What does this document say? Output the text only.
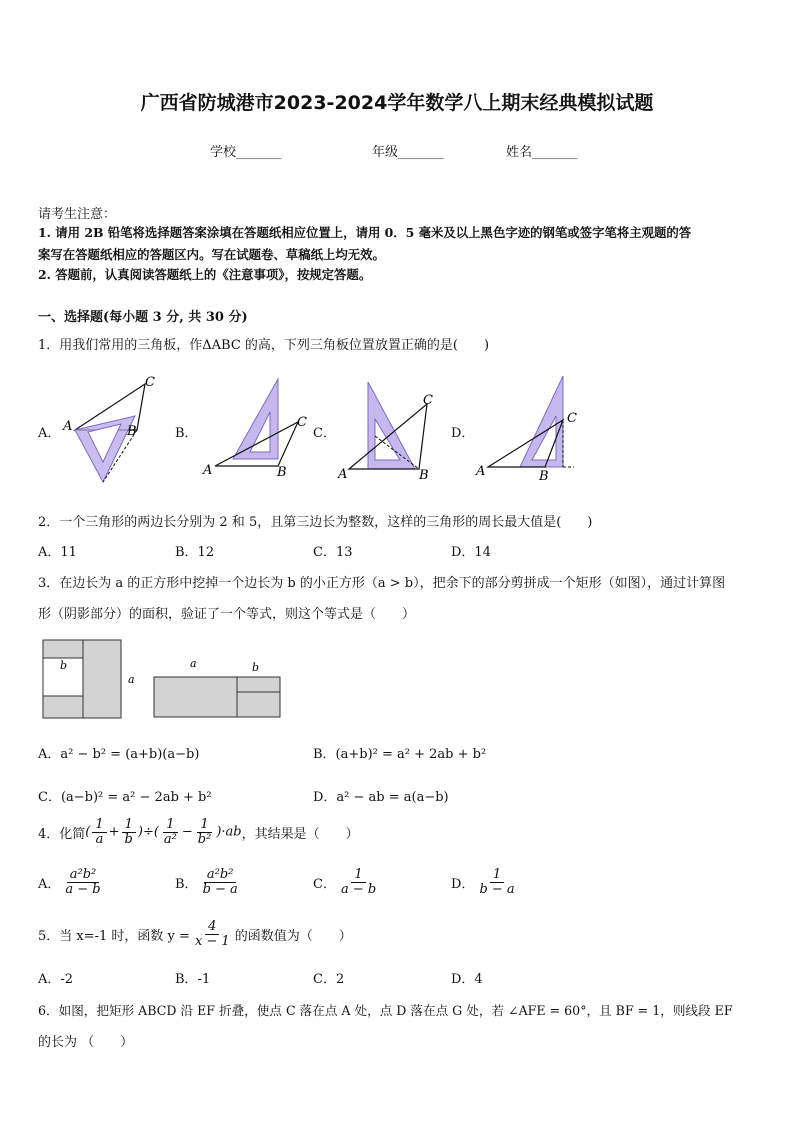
广西省防城港市2023-2024学年数学八上期末经典模拟试题
学校_______	年级_______	姓名_______
请考生注意：
1. 请用 2B 铅笔将选择题答案涂填在答题纸相应位置上，请用 0．5 毫米及以上黑色字迹的钢笔或签字笔将主观题的答
案写在答题纸相应的答题区内。写在试题卷、草稿纸上均无效。
2. 答题前，认真阅读答题纸上的《注意事项》，按规定答题。
一、选择题(每小题 3 分, 共 30 分)
1．用我们常用的三角板，作ΔABC 的高，下列三角板位置放置正确的是(　　)
A．	B．	C．	D．
A
C
B
A
C
B	A
C
B	A
C
B
2．一个三角形的两边长分别为 2 和 5，且第三边长为整数，这样的三角形的周长最大值是(　　)
A．11	B．12	C．13	D．14
3．在边长为 a 的正方形中挖掉一个边长为 b 的小正方形（a > b），把余下的部分剪拼成一个矩形（如图），通过计算图
形（阴影部分）的面积，验证了一个等式，则这个等式是（　　）
b
a
a	b
A．a² − b² = (a+b)(a−b)	B．(a+b)² = a² + 2ab + b²
C．(a−b)² = a² − 2ab + b²	D．a² − ab = a(a−b)
4．化简 ( $\frac{1}{a} + \frac{1}{b}$ )÷( $\frac{1}{\text{a²}} - \frac{1}{\text{b²}} )\cdot ab$ ，其结果是（　　）
A． $\frac{\text{a²b²}}{a - b}$	B． $\frac{\text{a²b²}}{b - a}$	C． $\frac{1}{a - b}$	D． $\frac{1}{b - a}$
5．当 x=-1 时，函数 $y = \frac{4}{x - 1}$ 的函数值为（　　）
A．-2	B．-1	C．2	D．4
6．如图，把矩形 ABCD 沿 EF 折叠，使点 C 落在点 A 处，点 D 落在点 G 处，若 ∠AFE = 60°，且 BF = 1，则线段 EF
的长为 （　　）
